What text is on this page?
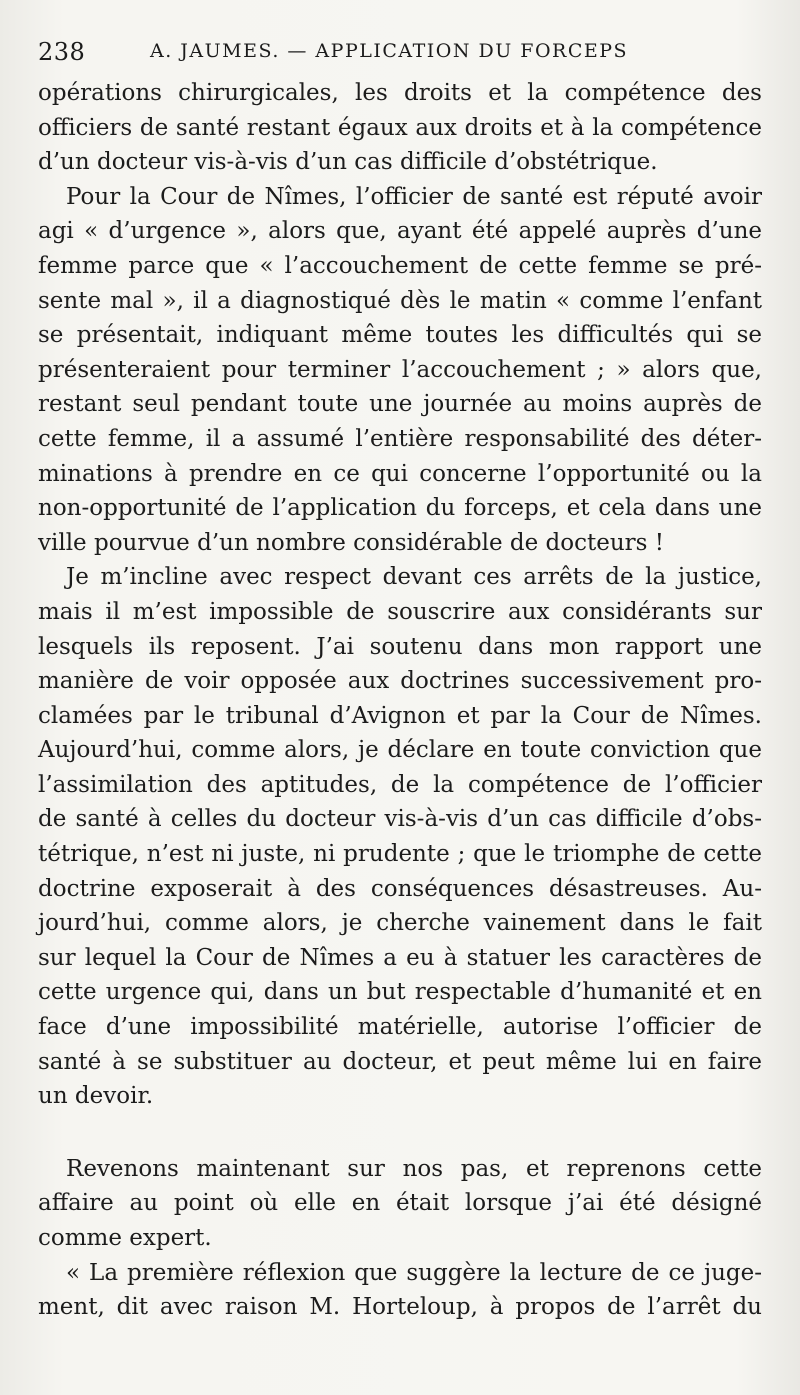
238	A. JAUMES. — APPLICATION DU FORCEPS
opérations chirurgicales, les droits et la compétence des
officiers de santé restant égaux aux droits et à la compétence
d’un docteur vis-à-vis d’un cas difficile d’obstétrique.
Pour la Cour de Nîmes, l’officier de santé est réputé avoir
agi « d’urgence », alors que, ayant été appelé auprès d’une
femme parce que « l’accouchement de cette femme se pré-
sente mal », il a diagnostiqué dès le matin « comme l’enfant
se présentait, indiquant même toutes les difficultés qui se
présenteraient pour terminer l’accouchement ; » alors que,
restant seul pendant toute une journée au moins auprès de
cette femme, il a assumé l’entière responsabilité des déter-
minations à prendre en ce qui concerne l’opportunité ou la
non-opportunité de l’application du forceps, et cela dans une
ville pourvue d’un nombre considérable de docteurs !
Je m’incline avec respect devant ces arrêts de la justice,
mais il m’est impossible de souscrire aux considérants sur
lesquels ils reposent. J’ai soutenu dans mon rapport une
manière de voir opposée aux doctrines successivement pro-
clamées par le tribunal d’Avignon et par la Cour de Nîmes.
Aujourd’hui, comme alors, je déclare en toute conviction que
l’assimilation des aptitudes, de la compétence de l’officier
de santé à celles du docteur vis-à-vis d’un cas difficile d’obs-
tétrique, n’est ni juste, ni prudente ; que le triomphe de cette
doctrine exposerait à des conséquences désastreuses. Au-
jourd’hui, comme alors, je cherche vainement dans le fait
sur lequel la Cour de Nîmes a eu à statuer les caractères de
cette urgence qui, dans un but respectable d’humanité et en
face d’une impossibilité matérielle, autorise l’officier de
santé à se substituer au docteur, et peut même lui en faire
un devoir.
Revenons maintenant sur nos pas, et reprenons cette
affaire au point où elle en était lorsque j’ai été désigné
comme expert.
« La première réflexion que suggère la lecture de ce juge-
ment, dit avec raison M. Horteloup, à propos de l’arrêt du
